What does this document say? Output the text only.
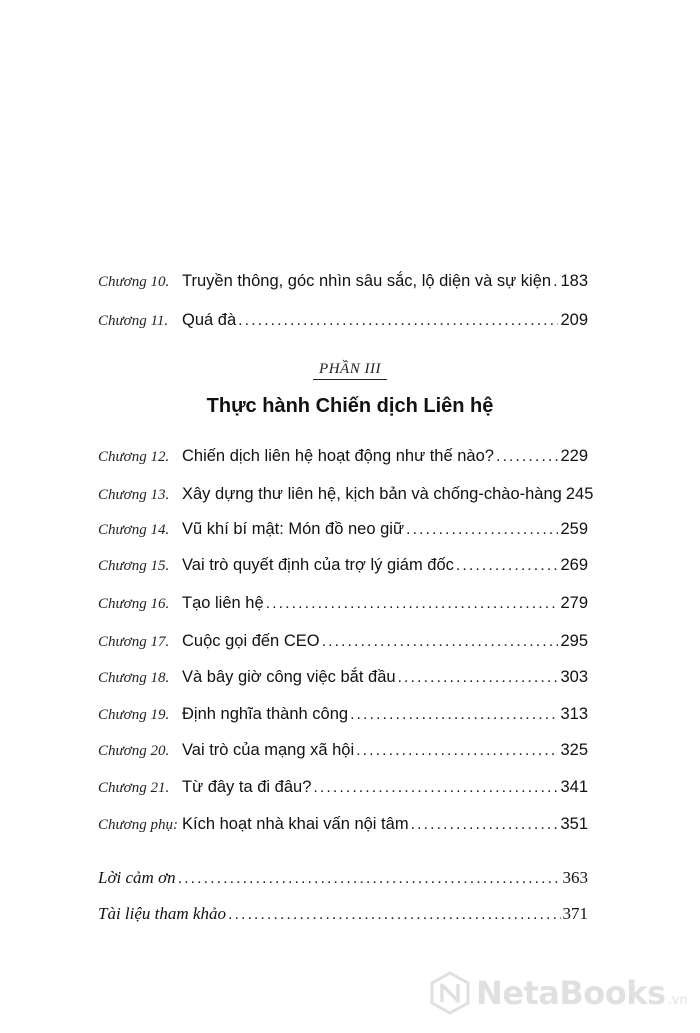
Chương 10. Truyền thông, góc nhìn sâu sắc, lộ diện và sự kiện . . . 183
Chương 11. Quá đà . . .	209
PHẦN III
Thực hành Chiến dịch Liên hệ
Chương 12. Chiến dịch liên hệ hoạt động như thế nào? . . .	229
Chương 13. Xây dựng thư liên hệ, kịch bản và chống-chào-hàng 245
Chương 14. Vũ khí bí mật: Món đồ neo giữ . . .	259
Chương 15. Vai trò quyết định của trợ lý giám đốc . . .	269
Chương 16. Tạo liên hệ . . .	279
Chương 17. Cuộc gọi đến CEO . . .	295
Chương 18. Và bây giờ công việc bắt đầu . . .	303
Chương 19. Định nghĩa thành công . . .	313
Chương 20. Vai trò của mạng xã hội . . .	325
Chương 21. Từ đây ta đi đâu? . . .	341
Chương phụ: Kích hoạt nhà khai vấn nội tâm . . .	351
Lời cảm ơn . . .	363
Tài liệu tham khảo . . .	371
NetaBooks .vn
